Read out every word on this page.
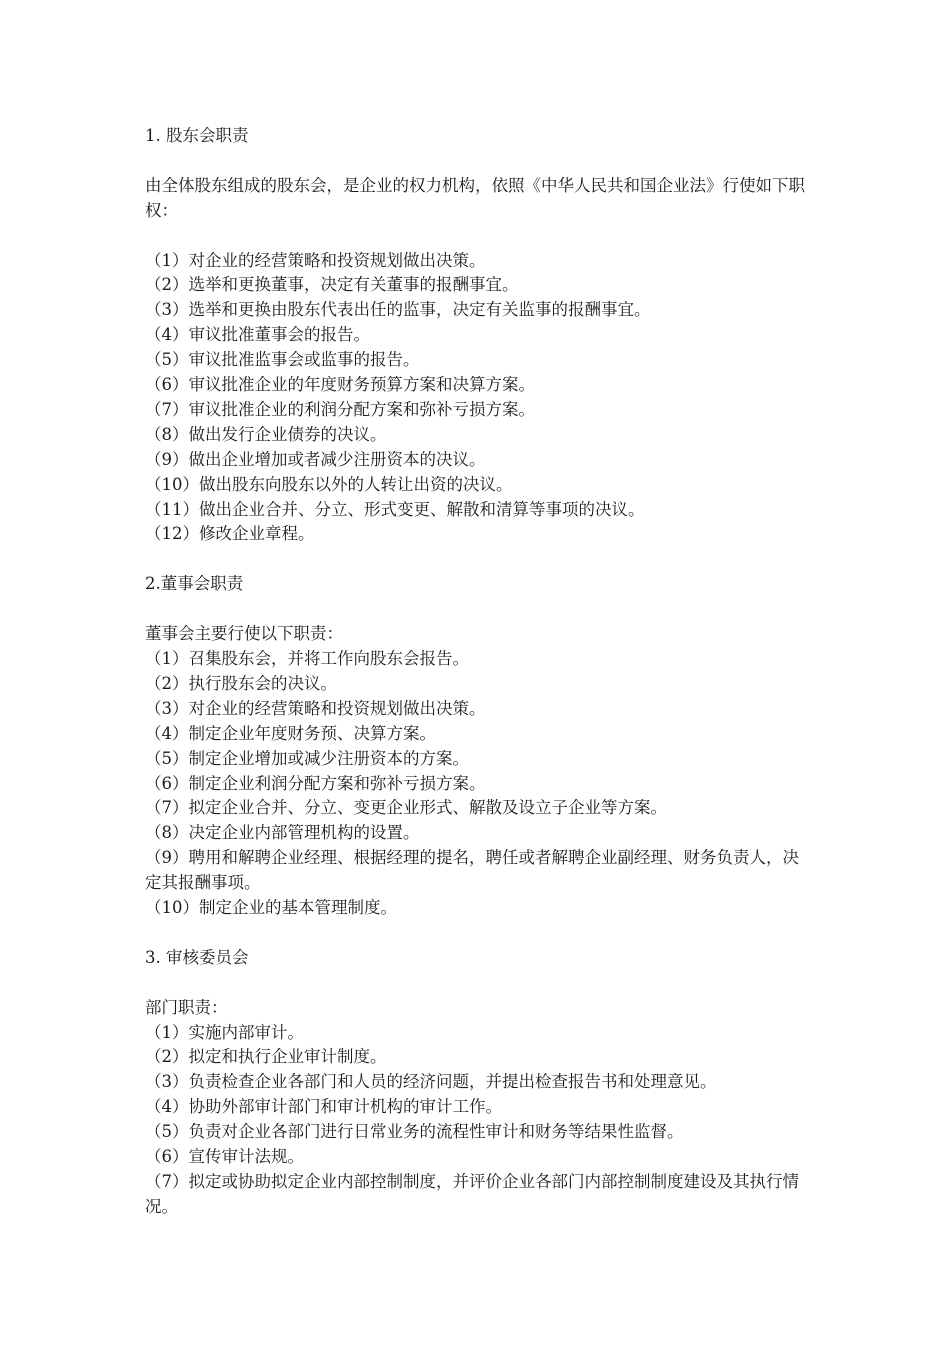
1. 股东会职责
由全体股东组成的股东会，是企业的权力机构，依照《中华人民共和国企业法》行使如下职权：
（1）对企业的经营策略和投资规划做出决策。
（2）选举和更换董事，决定有关董事的报酬事宜。
（3）选举和更换由股东代表出任的监事，决定有关监事的报酬事宜。
（4）审议批准董事会的报告。
（5）审议批准监事会或监事的报告。
（6）审议批准企业的年度财务预算方案和决算方案。
（7）审议批准企业的利润分配方案和弥补亏损方案。
（8）做出发行企业债券的决议。
（9）做出企业增加或者减少注册资本的决议。
（10）做出股东向股东以外的人转让出资的决议。
（11）做出企业合并、分立、形式变更、解散和清算等事项的决议。
（12）修改企业章程。
2.董事会职责
董事会主要行使以下职责：
（1）召集股东会，并将工作向股东会报告。
（2）执行股东会的决议。
（3）对企业的经营策略和投资规划做出决策。
（4）制定企业年度财务预、决算方案。
（5）制定企业增加或减少注册资本的方案。
（6）制定企业利润分配方案和弥补亏损方案。
（7）拟定企业合并、分立、变更企业形式、解散及设立子企业等方案。
（8）决定企业内部管理机构的设置。
（9）聘用和解聘企业经理、根据经理的提名，聘任或者解聘企业副经理、财务负责人，决定其报酬事项。
（10）制定企业的基本管理制度。
3. 审核委员会
部门职责：
（1）实施内部审计。
（2）拟定和执行企业审计制度。
（3）负责检查企业各部门和人员的经济问题，并提出检查报告书和处理意见。
（4）协助外部审计部门和审计机构的审计工作。
（5）负责对企业各部门进行日常业务的流程性审计和财务等结果性监督。
（6）宣传审计法规。
（7）拟定或协助拟定企业内部控制制度，并评价企业各部门内部控制制度建设及其执行情况。
